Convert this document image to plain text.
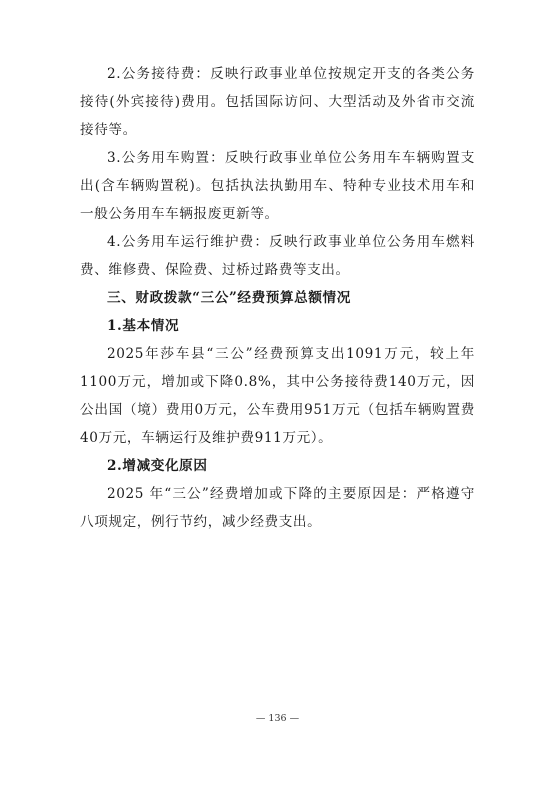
2.公务接待费：反映行政事业单位按规定开支的各类公务接待(外宾接待)费用。包括国际访问、大型活动及外省市交流接待等。

3.公务用车购置：反映行政事业单位公务用车车辆购置支出(含车辆购置税)。包括执法执勤用车、特种专业技术用车和一般公务用车车辆报废更新等。

4.公务用车运行维护费：反映行政事业单位公务用车燃料费、维修费、保险费、过桥过路费等支出。

三、财政拨款“三公”经费预算总额情况

1.基本情况

2025年莎车县“三公”经费预算支出1091万元，较上年1100万元，增加或下降0.8%，其中公务接待费140万元，因公出国（境）费用0万元，公车费用951万元（包括车辆购置费40万元，车辆运行及维护费911万元）。

2.增减变化原因

2025 年“三公”经费增加或下降的主要原因是：严格遵守八项规定，例行节约，减少经费支出。

— 136 —
